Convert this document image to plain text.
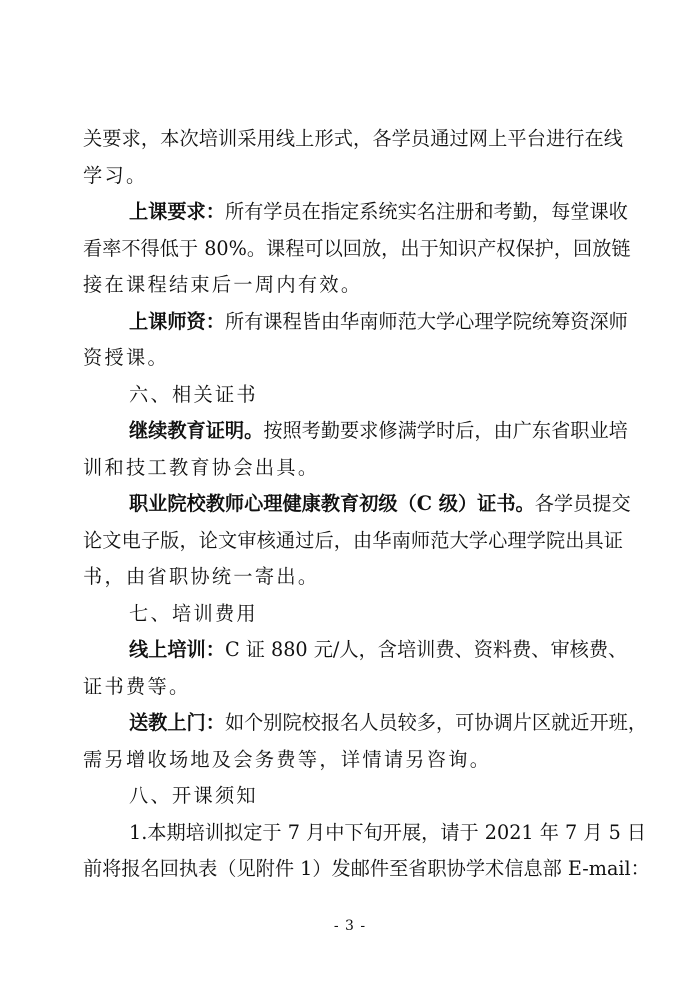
关要求，本次培训采用线上形式，各学员通过网上平台进行在线
学习。
上课要求：所有学员在指定系统实名注册和考勤，每堂课收
看率不得低于 80%。课程可以回放，出于知识产权保护，回放链
接在课程结束后一周内有效。
上课师资：所有课程皆由华南师范大学心理学院统筹资深师
资授课。
六、相关证书
继续教育证明。按照考勤要求修满学时后，由广东省职业培
训和技工教育协会出具。
职业院校教师心理健康教育初级（C 级）证书。各学员提交
论文电子版，论文审核通过后，由华南师范大学心理学院出具证
书，由省职协统一寄出。
七、培训费用
线上培训：C 证 880 元/人，含培训费、资料费、审核费、
证书费等。
送教上门：如个别院校报名人员较多，可协调片区就近开班，
需另增收场地及会务费等，详情请另咨询。
八、开课须知
1.本期培训拟定于 7 月中下旬开展，请于 2021 年 7 月 5 日
前将报名回执表（见附件 1）发邮件至省职协学术信息部 E-mail：
- 3 -
